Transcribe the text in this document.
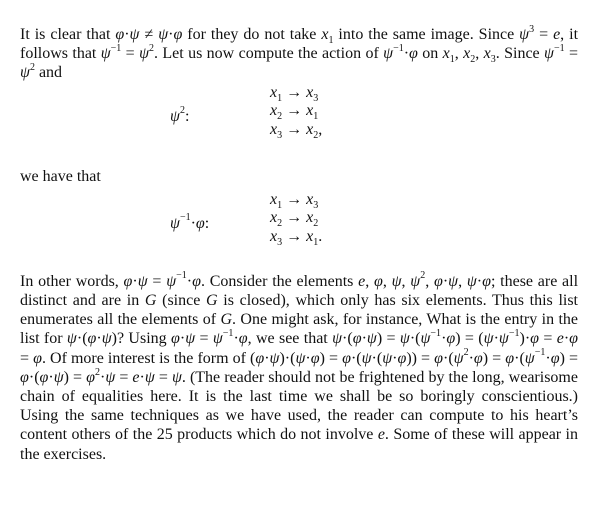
It is clear that φ·ψ ≠ ψ·φ for they do not take $x_1$ into the same image. Since $\psi^3 = e$, it follows that $\psi^{-1} = \psi^2$. Let us now compute the action of $\psi^{-1}\cdot\varphi$ on $x_1$, $x_2$, $x_3$. Since $\psi^{-1} = \psi^2$ and

$\psi^2$:
$x_1 \to x_3$
$x_2 \to x_1$
$x_3 \to x_2$,

we have that

$\psi^{-1}\cdot\varphi$:
$x_1 \to x_3$
$x_2 \to x_2$
$x_3 \to x_1$.

In other words, $\varphi\cdot\psi = \psi^{-1}\cdot\varphi$. Consider the elements e, φ, ψ, $\psi^2$, φ·ψ, ψ·φ; these are all distinct and are in G (since G is closed), which only has six elements. Thus this list enumerates all the elements of G. One might ask, for instance, What is the entry in the list for ψ·(φ·ψ)? Using $\varphi\cdot\psi = \psi^{-1}\cdot\varphi$, we see that $\psi\cdot(\varphi\cdot\psi) = \psi\cdot(\psi^{-1}\cdot\varphi) = (\psi\cdot\psi^{-1})\cdot\varphi = e\cdot\varphi = \varphi$. Of more interest is the form of $(\varphi\cdot\psi)\cdot(\psi\cdot\varphi) = \varphi\cdot(\psi\cdot(\psi\cdot\varphi)) = \varphi\cdot(\psi^2\cdot\varphi) = \varphi\cdot(\psi^{-1}\cdot\varphi) = \varphi\cdot(\varphi\cdot\psi) = \varphi^2\cdot\psi = e\cdot\psi = \psi$. (The reader should not be frightened by the long, wearisome chain of equalities here. It is the last time we shall be so boringly conscientious.) Using the same techniques as we have used, the reader can compute to his heart’s content others of the 25 products which do not involve e. Some of these will appear in the exercises.
